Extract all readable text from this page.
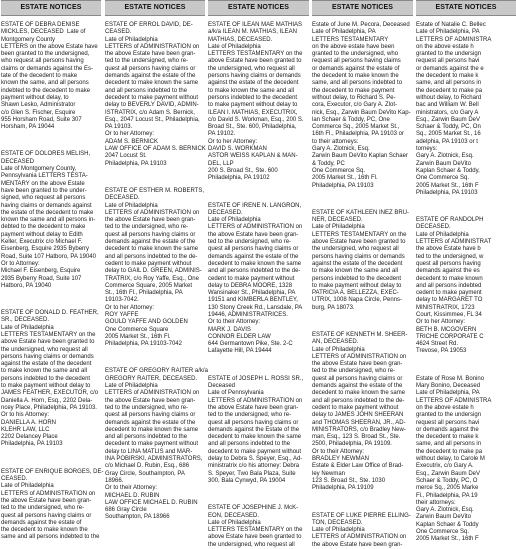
ESTATE NOTICES
ESTATE OF DEBRA DENISE
MICKLES, DECEASED  Late of
Montgomery County
LETTERS on the above Estate have
been granted to the undersigned,
who request all persons having
claims or demands against the Es-
tate of the decedent to make
known the same, and all persons
indebted to the decedent to make
payment without delay, to
Shawn Lesko, Administrator
c/o Glen S. Fischer, Esquire
955 Horsham Road, Suite 307
Horsham, PA 19044
ESTATE OF DOLORES MELISH,
DECEASED
Late of Montgomery County,
Pennsylvania LETTERS TESTA-
MENTARY on the above Estate
have been granted to the under-
signed, who request all persons
having claims or demands against
the estate of the decedent to make
known the same and all persons in-
debted to the decedent to make
payment without delay to Edith
Keller, Executrix c/o Michael F.
Eisenberg, Esquire 2935 Byberry
Road, Suite 107 Hatboro, PA 19040
Or to Attorney:
Michael F. Eisenberg, Esquire
2935 Byberry Road, Suite 107
Hatboro, PA 19040
ESTATE OF DONALD D. FEATHER,
SR., DECEASED.
Late of Philadelphia
LETTERS TESTAMENTARY on the
above Estate have been granted to
the undersigned, who request all
persons having claims or demands
against the estate of the decedent
to make known the same and all
persons indebted to the decedent
to make payment without delay to
JAMES FEATHER, EXECUTOR, c/o
Daniella A. Horn, Esq., 2202 Dela-
ncey Place, Philadelphia, PA 19103.
Or to his Attorney:
DANIELLA A. HORN
KLEHR LAW, LLC
2202 Delancey Place
Philadelphia, PA 19103
ESTATE OF ENRIQUE BORGES, DE-
CEASED.
Late of Philadelphia
LETTERS of ADMINISTRATION on
the above Estate have been gran-
ted to the undersigned, who re-
quest all persons having claims or
demands against the estate of
the decedent to make known the
same and all persons indebted to the
ESTATE NOTICES
ESTATE OF ERROL DAVID, DE-
CEASED.
Late of Philadelphia
LETTERS of ADMINISTRATION on
the above Estate have been gran-
ted to the undersigned, who re-
quest all persons having claims or
demands against the estate of the
decedent to make known the same
and all persons indebted to the
decedent to make payment without
delay to BEVERLY DAVID, ADMIN-
ISTRATRIX, c/o Adam S. Bernick,
Esq., 2047 Locust St., Philadelphia,
PA 19103.
Or to her Attorney:
ADAM S. BERNICK
LAW OFFICE OF ADAM S. BERNICK
2047 Locust St.
Philadelphia, PA 19103
ESTATE OF ESTHER M. ROBERTS,
DECEASED.
Late of Philadelphia
LETTERS of ADMINISTRATION on
the above Estate have been gran-
ted to the undersigned, who re-
quest all persons having claims or
demands against the estate of the
decedent to make known the same
and all persons indebted to the de-
cedent to make payment without
delay to GAIL D. GREEN, ADMINIS-
TRATRIX, c/o Roy Yaffe, Esq., One
Commerce Square, 2005 Market
St., 16th Fl., Philadelphia, PA
19103-7042.
Or to her Attorney:
ROY YAFFE
GOULD YAFFE AND GOLDEN
One Commerce Square
2005 Market St., 16th Fl.
Philadelphia, PA 19103-7042
ESTATE OF GREGORY RAITER a/k/a
GREGORY RAITER, DECEASED.
Late of Philadelphia
LETTERS of ADMINISTRATION on
the above Estate have been gran-
ted to the undersigned, who re-
quest all persons having claims or
demands against the estate of the
decedent to make known the same
and all persons indebted to the
decedent to make payment without
delay to LINA MATLIS and MAR-
INA POBIRSKI, ADMINISTRATORS,
c/o Michael D. Rubin, Esq., 686
Gray Circle, Southampton, PA
18966.
Or to their Attorney:
MICHAEL D. RUBIN
LAW OFFICE MICHAEL D. RUBIN
686 Gray Circle
Southampton, PA 18966
ESTATE NOTICES
ESTATE OF ILEAN MAE MATHIAS
a/k/a ILEAN M. MATHIAS, ILEAN
MATHIAS, DECEASED.
Late of Philadelphia
LETTERS TESTAMENTARY on the
above Estate have been granted to
the undersigned, who request all
persons having claims or demands
against the estate of the decedent
to make known the same and all
persons indebted to the decedent
to make payment without delay to
ILEAN I. MATHIAS, EXECUTRIX,
c/o David S. Workman, Esq., 200 S.
Broad St., Ste. 600, Philadelphia,
PA 19102.
Or to her Attorney:
DAVID S. WORKMAN
ASTOR WEISS KAPLAN & MAN-
DEL, LLP
200 S. Broad St., Ste. 600
Philadelphia, PA 19102
ESTATE OF IRENE N. LANGRON,
DECEASED.
Late of Philadelphia
LETTERS of ADMINISTRATION on
the above Estate have been gran-
ted to the undersigned, who re-
quest all persons having claims or
demands against the estate of the
decedent to make known the same
and all persons indebted to the de-
cedent to make payment without
delay to DEBRA MOORE, 1328
Wansinaker St., Philadelphia, PA
19151 and KIMBERLA BENTLEY,
130 Stony Creek Rd., Lansdale, PA
19446, ADMINISTRATRICES.
Or to their Attorney:
MARK J. DAVIS
CONNOR ELDER LAW
644 Germantown Pike, Ste. 2-C
Lafayette Hill, PA 19444
ESTATE of JOSEPH L. ROSSI SR.,
Deceased
Late of Pennsylvania
LETTERS of ADMINISTRATION on
the above Estate have been gran-
ted to the undersigned, who re-
quest all persons having claims or
demands against the Estate of the
decedent to make known the same
and all persons indebted to the
decedent to make payment without
delay to Debra S. Speyer, Esq., Ad-
ministratrix c/o his attorney: Debra
S. Speyer, Two Bala Plaza, Suite
300, Bala Cynwyd, PA 19004
ESTATE OF JOSEPHINE J. McK-
EON, DECEASED.
Late of Philadelphia
LETTERS TESTAMENTARY on the
above Estate have been granted to
the undersigned, who request all
ESTATE NOTICES
Estate of June M. Pecora, Deceased
Late of Philadelphia, PA
LETTERS TESTAMENTARY
on the above estate have been
granted to the undersigned, who
request all persons having claims
or demands against the estate of
the decedent to make known the
same, and all persons indebted to
the decedent to make payment
without delay, to Richard S. Pe-
cora, Executor, c/o Gary A. Zlot-
nick, Esq., Zarwin Baum DeVito Kap-
lan Schaer & Toddy, PC, One
Commerce Sq., 2005 Market St.,
16th Fl., Philadelphia, PA 19103 or
to their attorneys:
Gary A. Zlotnick, Esq.
Zarwin Baum DeVito Kaplan Schaer
& Toddy, PC
One Commerce Sq.
2005 Market St., 16th Fl.
Philadelphia, PA 19103
ESTATE OF KATHLEEN INEZ BRU-
NER, DECEASED.
Late of Philadelphia
LETTERS TESTAMENTARY on the
above Estate have been granted to
the undersigned, who request all
persons having claims or demands
against the estate of the decedent
to make known the same and all
persons indebted to the decedent
to make payment without delay to
PATRICIA A. BELLEZZA, EXEC-
UTRIX, 1008 Napa Circle, Penns-
burg, PA 18073.
ESTATE OF KENNETH M. SHEER-
AN, DECEASED.
Late of Philadelphia
LETTERS of ADMINISTRATION on
the above Estate have been gran-
ted to the undersigned, who re-
quest all persons having claims or
demands against the estate of the
decedent to make known the same
and all persons indebted to the de-
cedent to make payment without
delay to JAMES JOHN SHEERAN
and THOMAS SHEERAN, JR., AD-
MINISTRATORS, c/o Bradley New-
man, Esq., 123 S. Broad St., Ste.
2500, Philadelphia, PA 19109.
Or to their Attorney:
BRADLEY NEWMAN
Estate & Elder Law Office of Brad-
ley Newman
123 S. Broad St., Ste. 1030
Philadelphia, PA 19109
ESTATE OF LUKE PIERRE ELLING-
TON, DECEASED.
Late of Philadelphia
LETTERS of ADMINISTRATION on
the above Estate have been gran-
ESTATE NOTICES
Estate of Natalie C. Bellec
Late of Philadelphia, PA
LETTERS OF ADMINISTRA
on the above estate h
granted to the undersign
request all persons havi
or demands against the e
the decedent to make k
same, and all persons in
the decedent to make pa
without delay, to Richard
bac and William W. Bell
ministrators, c/o Gary A
Esq., Zarwin Baum DeV
Schaer & Toddy, PC, On
Sq., 2005 Market St., 16
adelphia, PA 19103 or t
torneys:
Gary A. Zlotnick, Esq.
Zarwin Baum DeVito
Kaplan Schaer & Toddy,
One Commerce Sq.
2005 Market St., 16th F
Philadelphia, PA 19103
ESTATE OF RANDOLPH
DECEASED.
Late of Philadelphia
LETTERS of ADMINISTRAT
the above Estate have b
ted to the undersigned, w
quest all persons having
demands against the es
decedent to make known
and all persons indebted
cedent to make payment
delay to MARGARET TO
MINISTRATRIX, 1723
Court, Kissimmee, FL 34
Or to her Attorney:
BETH B. MCGOVERN
TRICHE CORPORATE C
4624 Street Rd.
Trevose, PA 19053
Estate of Rose M. Bonino
Mary Bonino, Deceased
Late of Philadelphia, PA
LETTERS OF ADMINISTRA
on the above estate h
granted to the undersign
request all persons havi
or demands against the
the decedent to make k
same, and all persons in
the decedent to make pa
without delay, to Carole M
Executrix, c/o Gary A.
Esq., Zarwin Baum DeV
Schaer & Toddy, PC, O
merce Sq., 2005 Marke
Fl., Philadelphia, PA 19
their attorneys:
Gary A. Zlotnick, Esq.
Zarwin Baum DeVito
Kaplan Schaer & Toddy
One Commerce Sq.
2005 Market St., 16th F
